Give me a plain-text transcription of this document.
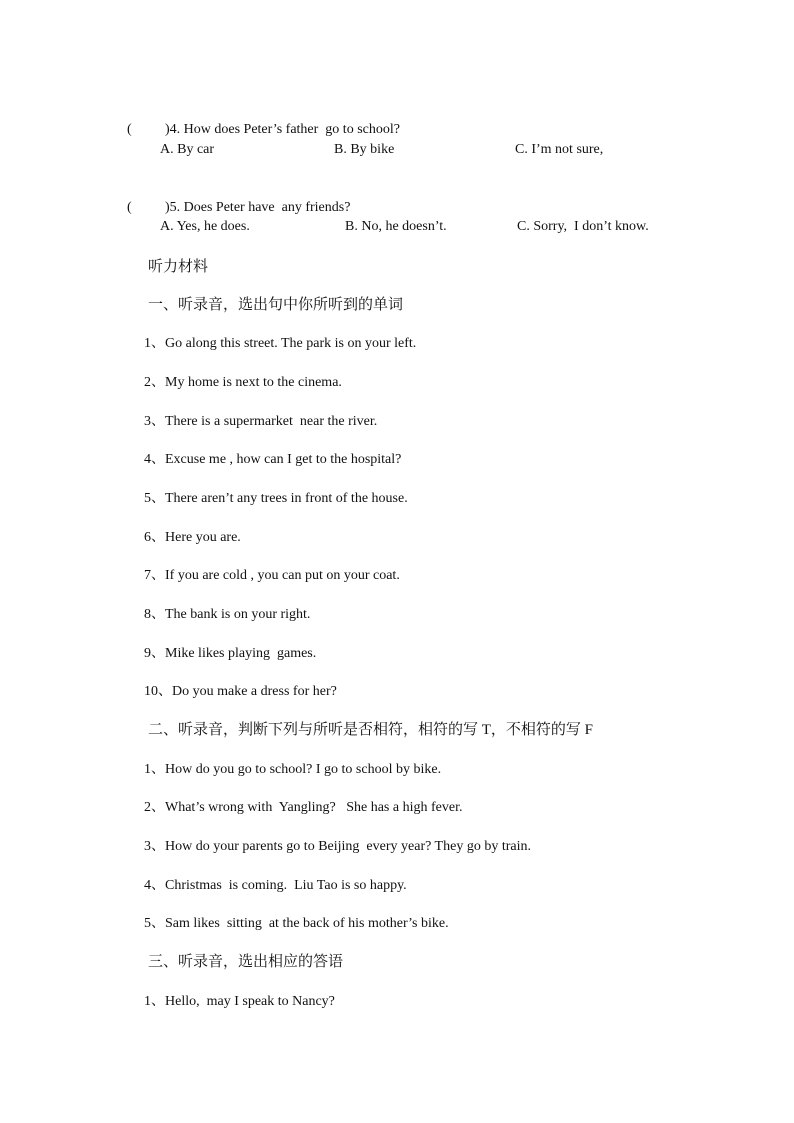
( )4. How does Peter’s father  go to school?

A. By car	B. By bike	C. I’m not sure,

( )5. Does Peter have  any friends?

A. Yes, he does.	B. No, he doesn’t.	C. Sorry,  I don’t know.
听力材料
一、听录音，选出句中你所听到的单词
1、Go along this street. The park is on your left.
2、My home is next to the cinema.
3、There is a supermarket  near the river.
4、Excuse me , how can I get to the hospital?
5、There aren’t any trees in front of the house.
6、Here you are.
7、If you are cold , you can put on your coat.
8、The bank is on your right.
9、Mike likes playing  games.
10、Do you make a dress for her?
二、听录音，判断下列与所听是否相符，相符的写 T，不相符的写 F
1、How do you go to school? I go to school by bike.
2、What’s wrong with  Yangling?   She has a high fever.
3、How do your parents go to Beijing  every year? They go by train.
4、Christmas  is coming.  Liu Tao is so happy.
5、Sam likes  sitting  at the back of his mother’s bike.
三、听录音，选出相应的答语
1、Hello,  may I speak to Nancy?
